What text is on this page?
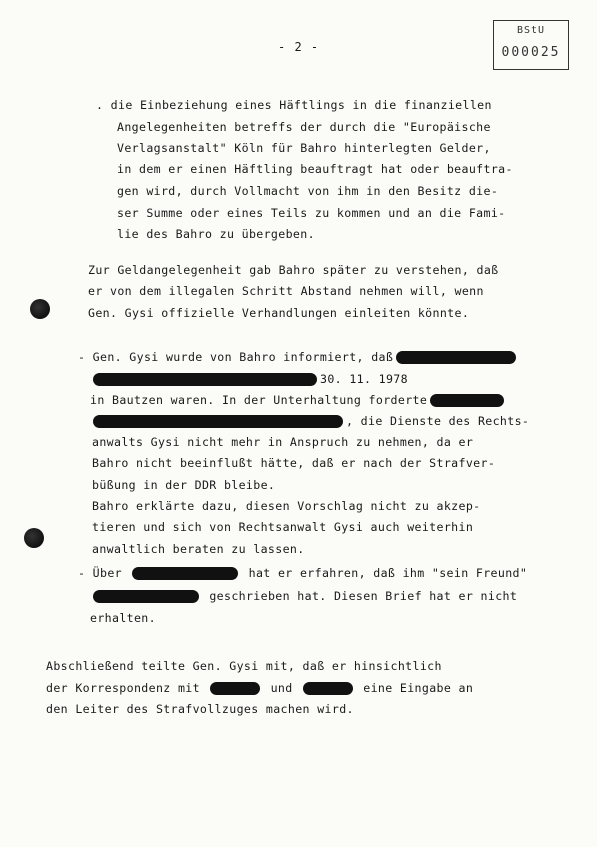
BStU
000025
- 2 -
. die Einbeziehung eines Häftlings in die finanziellen
Angelegenheiten betreffs der durch die "Europäische
Verlagsanstalt" Köln für Bahro hinterlegten Gelder,
in dem er einen Häftling beauftragt hat oder beauftra-
gen wird, durch Vollmacht von ihm in den Besitz die-
ser Summe oder eines Teils zu kommen und an die Fami-
lie des Bahro zu übergeben.
Zur Geldangelegenheit gab Bahro später zu verstehen, daß
er von dem illegalen Schritt Abstand nehmen will, wenn
Gen. Gysi offizielle Verhandlungen einleiten könnte.
- Gen. Gysi wurde von Bahro informiert, daß
30. 11. 1978
in Bautzen waren. In der Unterhaltung forderte
, die Dienste des Rechts-
anwalts Gysi nicht mehr in Anspruch zu nehmen, da er
Bahro nicht beeinflußt hätte, daß er nach der Strafver-
büßung in der DDR bleibe.
Bahro erklärte dazu, diesen Vorschlag nicht zu akzep-
tieren und sich von Rechtsanwalt Gysi auch weiterhin
anwaltlich beraten zu lassen.
- Über	hat er erfahren, daß ihm "sein Freund"
geschrieben hat. Diesen Brief hat er nicht
erhalten.
Abschließend teilte Gen. Gysi mit, daß er hinsichtlich
der Korrespondenz mit	und	eine Eingabe an
den Leiter des Strafvollzuges machen wird.
